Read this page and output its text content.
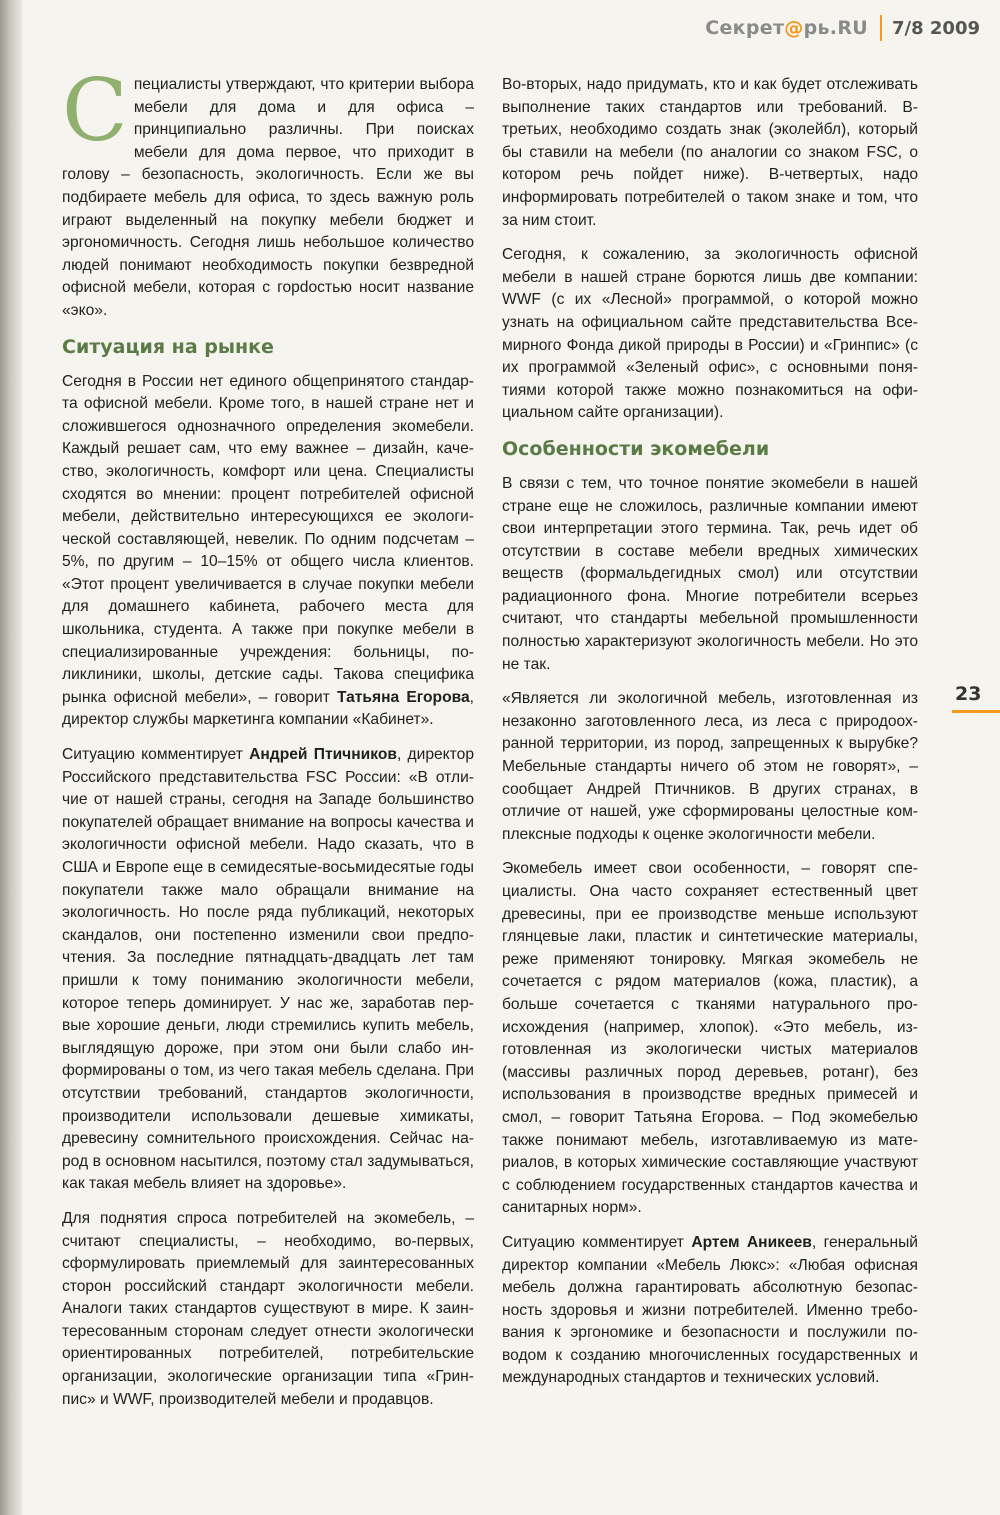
Секрет@рь.RU 7/8 2009
23

Специалисты утверждают, что критерии выбора мебели для дома и для офиса – принципиально различны. При поисках мебели для дома первое, что приходит в голову – безопасность, экологичность. Если же вы подбираете мебель для офиса, то здесь важную роль играют выделенный на покупку мебели бюджет и эргономичность. Сегодня лишь небольшое количество людей понимают необходимость покупки безвредной офисной мебели, которая с горdостью носит название «эко».

Ситуация на рынке

Сегодня в России нет единого общепринятого стандарта офисной мебели. Кроме того, в нашей стране нет и сложившегося однозначного определения экомебели. Каждый решает сам, что ему важнее – дизайн, качество, экологичность, комфорт или цена. Специалисты сходятся во мнении: процент потребителей офисной мебели, действительно интересующихся ее экологической составляющей, невелик. По одним подсчетам – 5%, по другим – 10–15% от общего числа клиентов. «Этот процент увеличивается в случае покупки мебели для домашнего кабинета, рабочего места для школьника, студента. А также при покупке мебели в специализированные учреждения: больницы, поликлиники, школы, детские сады. Такова специфика рынка офисной мебели», – говорит Татьяна Егорова, директор службы маркетинга компании «Кабинет».

Ситуацию комментирует Андрей Птичников, директор Российского представительства FSC России: «В отличие от нашей страны, сегодня на Западе большинство покупателей обращает внимание на вопросы качества и экологичности офисной мебели. Надо сказать, что в США и Европе еще в семидесятые-восьмидесятые годы покупатели также мало обращали внимание на экологичность. Но после ряда публикаций, некоторых скандалов, они постепенно изменили свои предпочтения. За последние пятнадцать-двадцать лет там пришли к тому пониманию экологичности мебели, которое теперь доминирует. У нас же, заработав первые хорошие деньги, люди стремились купить мебель, выглядящую дороже, при этом они были слабо информированы о том, из чего такая мебель сделана. При отсутствии требований, стандартов экологичности, производители использовали дешевые химикаты, древесину сомнительного происхождения. Сейчас народ в основном насытился, поэтому стал задумываться, как такая мебель влияет на здоровье».

Для поднятия спроса потребителей на экомебель, – считают специалисты, – необходимо, во-первых, сформулировать приемлемый для заинтересованных сторон российский стандарт экологичности мебели. Аналоги таких стандартов существуют в мире. К заинтересованным сторонам следует отнести экологически ориентированных потребителей, потребительские организации, экологические организации типа «Гринпис» и WWF, производителей мебели и продавцов.

Во-вторых, надо придумать, кто и как будет отслеживать выполнение таких стандартов или требований. В-третьих, необходимо создать знак (эколейбл), который бы ставили на мебели (по аналогии со знаком FSC, о котором речь пойдет ниже). В-четвертых, надо информировать потребителей о таком знаке и том, что за ним стоит.

Сегодня, к сожалению, за экологичность офисной мебели в нашей стране борются лишь две компании: WWF (с их «Лесной» программой, о которой можно узнать на официальном сайте представительства Всемирного Фонда дикой природы в России) и «Гринпис» (с их программой «Зеленый офис», с основными понятиями которой также можно познакомиться на официальном сайте организации).

Особенности экомебели

В связи с тем, что точное понятие экомебели в нашей стране еще не сложилось, различные компании имеют свои интерпретации этого термина. Так, речь идет об отсутствии в составе мебели вредных химических веществ (формальдегидных смол) или отсутствии радиационного фона. Многие потребители всерьез считают, что стандарты мебельной промышленности полностью характеризуют экологичность мебели. Но это не так.

«Является ли экологичной мебель, изготовленная из незаконно заготовленного леса, из леса с природоохранной территории, из пород, запрещенных к вырубке? Мебельные стандарты ничего об этом не говорят», – сообщает Андрей Птичников. В других странах, в отличие от нашей, уже сформированы целостные комплексные подходы к оценке экологичности мебели.

Экомебель имеет свои особенности, – говорят специалисты. Она часто сохраняет естественный цвет древесины, при ее производстве меньше используют глянцевые лаки, пластик и синтетические материалы, реже применяют тонировку. Мягкая экомебель не сочетается с рядом материалов (кожа, пластик), а больше сочетается с тканями натурального происхождения (например, хлопок). «Это мебель, изготовленная из экологически чистых материалов (массивы различных пород деревьев, ротанг), без использования в производстве вредных примесей и смол, – говорит Татьяна Егорова. – Под экомебелью также понимают мебель, изготавливаемую из материалов, в которых химические составляющие участвуют с соблюдением государственных стандартов качества и санитарных норм».

Ситуацию комментирует Артем Аникеев, генеральный директор компании «Мебель Люкс»: «Любая офисная мебель должна гарантировать абсолютную безопасность здоровья и жизни потребителей. Именно требования к эргономике и безопасности и послужили поводом к созданию многочисленных государственных и международных стандартов и технических условий.
